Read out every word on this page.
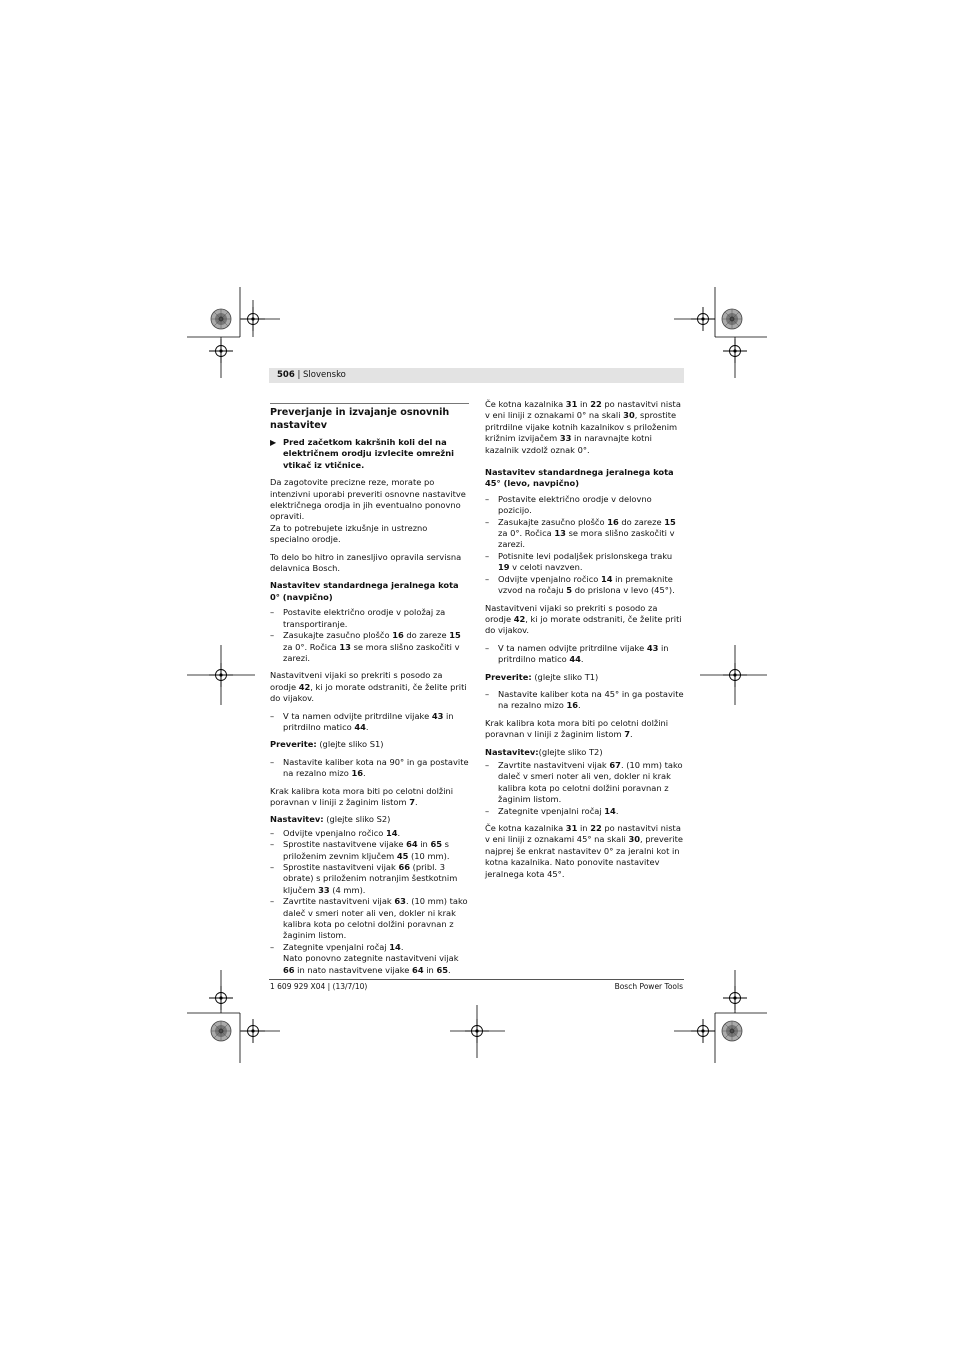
506 | Slovensko
Preverjanje in izvajanje osnovnih nastavitev
▶ Pred začetkom kakršnih koli del na električnem orodju izvlecite omrežni vtikač iz vtičnice.
Da zagotovite precizne reze, morate po intenzivni uporabi preveriti osnovne nastavitve električnega orodja in jih eventualno ponovno opraviti.
Za to potrebujete izkušnje in ustrezno specialno orodje.
To delo bo hitro in zanesljivo opravila servisna delavnica Bosch.
Nastavitev standardnega jeralnega kota 0° (navpično)
– Postavite električno orodje v položaj za transportiranje.
– Zasukajte zasučno ploščo 16 do zareze 15 za 0°. Ročica 13 se mora slišno zaskočiti v zarezi.
Nastavitveni vijaki so prekriti s posodo za orodje 42, ki jo morate odstraniti, če želite priti do vijakov.
– V ta namen odvijte pritrdilne vijake 43 in pritrdilno matico 44.
Preverite: (glejte sliko S1)
– Nastavite kaliber kota na 90° in ga postavite na rezalno mizo 16.
Krak kalibra kota mora biti po celotni dolžini poravnan v liniji z žaginim listom 7.
Nastavitev: (glejte sliko S2)
– Odvijte vpenjalno ročico 14.
– Sprostite nastavitvene vijake 64 in 65 s priloženim zevnim ključem 45 (10 mm).
– Sprostite nastavitveni vijak 66 (pribl. 3 obrate) s priloženim notranjim šestkotnim ključem 33 (4 mm).
– Zavrtite nastavitveni vijak 63. (10 mm) tako daleč v smeri noter ali ven, dokler ni krak kalibra kota po celotni dolžini poravnan z žaginim listom.
– Zategnite vpenjalni ročaj 14.
Nato ponovno zategnite nastavitveni vijak 66 in nato nastavitvene vijake 64 in 65.
Če kotna kazalnika 31 in 22 po nastavitvi nista v eni liniji z oznakami 0° na skali 30, sprostite pritrdilne vijake kotnih kazalnikov s priloženim križnim izvijačem 33 in naravnajte kotni kazalnik vzdolž oznak 0°.
Nastavitev standardnega jeralnega kota 45° (levo, navpično)
– Postavite električno orodje v delovno pozicijo.
– Zasukajte zasučno ploščo 16 do zareze 15 za 0°. Ročica 13 se mora slišno zaskočiti v zarezi.
– Potisnite levi podaljšek prislonskega traku 19 v celoti navzven.
– Odvijte vpenjalno ročico 14 in premaknite vzvod na ročaju 5 do prislona v levo (45°).
Nastavitveni vijaki so prekriti s posodo za orodje 42, ki jo morate odstraniti, če želite priti do vijakov.
– V ta namen odvijte pritrdilne vijake 43 in pritrdilno matico 44.
Preverite: (glejte sliko T1)
– Nastavite kaliber kota na 45° in ga postavite na rezalno mizo 16.
Krak kalibra kota mora biti po celotni dolžini poravnan v liniji z žaginim listom 7.
Nastavitev:(glejte sliko T2)
– Zavrtite nastavitveni vijak 67. (10 mm) tako daleč v smeri noter ali ven, dokler ni krak kalibra kota po celotni dolžini poravnan z žaginim listom.
– Zategnite vpenjalni ročaj 14.
Če kotna kazalnika 31 in 22 po nastavitvi nista v eni liniji z oznakami 45° na skali 30, preverite najprej še enkrat nastavitev 0° za jeralni kot in kotna kazalnika. Nato ponovite nastavitev jeralnega kota 45°.
1 609 929 X04 | (13/7/10)	Bosch Power Tools
